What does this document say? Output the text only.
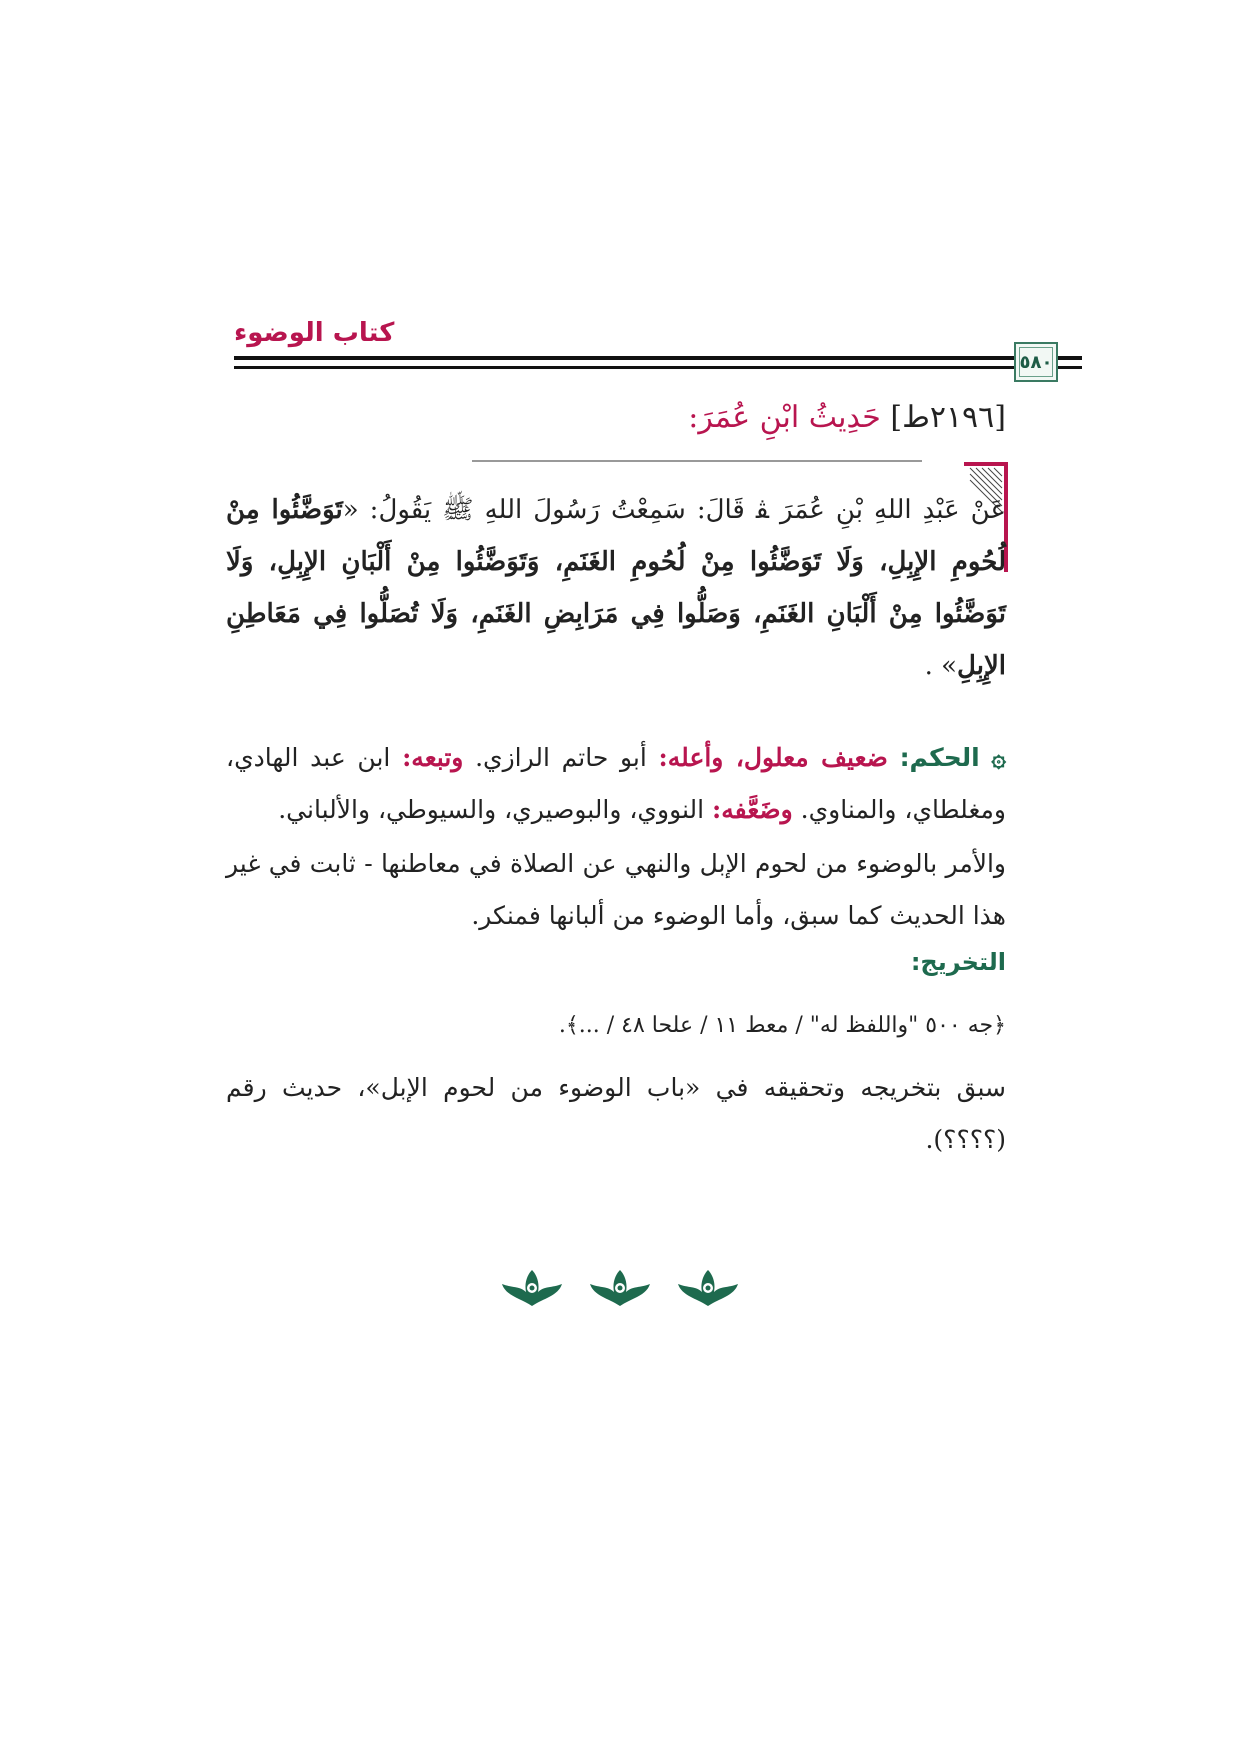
كتاب الوضوء
٥٨٠
[٢١٩٦ط] حَدِيثُ ابْنِ عُمَرَ:
عَنْ عَبْدِ اللهِ بْنِ عُمَرَ ﭭ قَالَ: سَمِعْتُ رَسُولَ اللهِ ﷺ يَقُولُ: «تَوَضَّئُوا مِنْ لُحُومِ الإِبِلِ، وَلَا تَوَضَّئُوا مِنْ لُحُومِ الغَنَمِ، وَتَوَضَّئُوا مِنْ أَلْبَانِ الإِبِلِ، وَلَا تَوَضَّئُوا مِنْ أَلْبَانِ الغَنَمِ، وَصَلُّوا فِي مَرَابِضِ الغَنَمِ، وَلَا تُصَلُّوا فِي مَعَاطِنِ الإِبِلِ» .
۞ الحكم: ضعيف معلول، وأعله: أبو حاتم الرازي. وتبعه: ابن عبد الهادي، ومغلطاي، والمناوي. وضَعَّفه: النووي، والبوصيري، والسيوطي، والألباني.
والأمر بالوضوء من لحوم الإبل والنهي عن الصلاة في معاطنها - ثابت في غير هذا الحديث كما سبق، وأما الوضوء من ألبانها فمنكر.
التخريج:
﴿جه ٥٠٠ "واللفظ له" / معط ١١ / علحا ٤٨ / ...﴾.
سبق بتخريجه وتحقيقه في «باب الوضوء من لحوم الإبل»، حديث رقم (؟؟؟؟).
